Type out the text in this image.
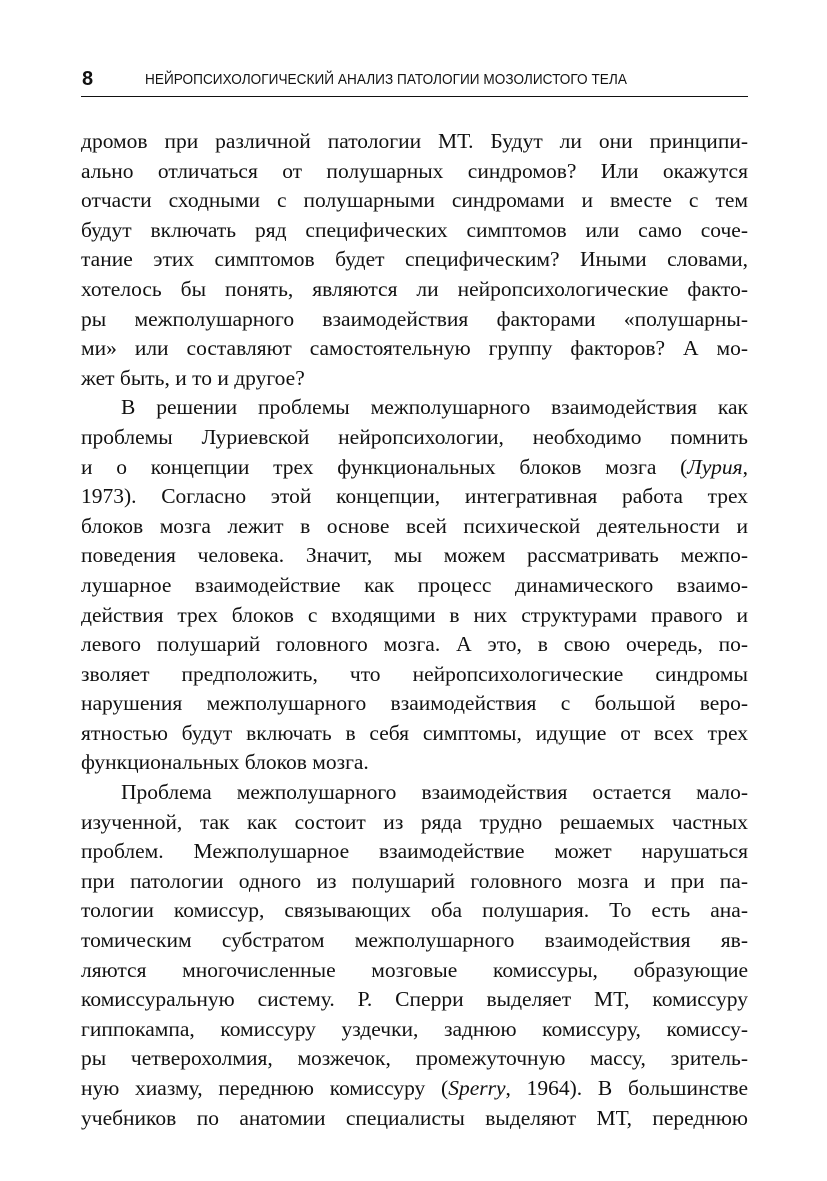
8	НЕЙРОПСИХОЛОГИЧЕСКИЙ АНАЛИЗ ПАТОЛОГИИ МОЗОЛИСТОГО ТЕЛА
дромов при различной патологии МТ. Будут ли они принципи-
ально отличаться от полушарных синдромов? Или окажутся
отчасти сходными с полушарными синдромами и вместе с тем
будут включать ряд специфических симптомов или само соче-
тание этих симптомов будет специфическим? Иными словами,
хотелось бы понять, являются ли нейропсихологические факто-
ры межполушарного взаимодействия факторами «полушарны-
ми» или составляют самостоятельную группу факторов? А мо-
жет быть, и то и другое?
В решении проблемы межполушарного взаимодействия как
проблемы Луриевской нейропсихологии, необходимо помнить
и о концепции трех функциональных блоков мозга (Лурия,
1973). Согласно этой концепции, интегративная работа трех
блоков мозга лежит в основе всей психической деятельности и
поведения человека. Значит, мы можем рассматривать межпо-
лушарное взаимодействие как процесс динамического взаимо-
действия трех блоков с входящими в них структурами правого и
левого полушарий головного мозга. А это, в свою очередь, по-
зволяет предположить, что нейропсихологические синдромы
нарушения межполушарного взаимодействия с большой веро-
ятностью будут включать в себя симптомы, идущие от всех трех
функциональных блоков мозга.
Проблема межполушарного взаимодействия остается мало-
изученной, так как состоит из ряда трудно решаемых частных
проблем. Межполушарное взаимодействие может нарушаться
при патологии одного из полушарий головного мозга и при па-
тологии комиссур, связывающих оба полушария. То есть ана-
томическим субстратом межполушарного взаимодействия яв-
ляются многочисленные мозговые комиссуры, образующие
комиссуральную систему. Р. Сперри выделяет МТ, комиссуру
гиппокампа, комиссуру уздечки, заднюю комиссуру, комиссу-
ры четверохолмия, мозжечок, промежуточную массу, зритель-
ную хиазму, переднюю комиссуру (Sperry, 1964). В большинстве
учебников по анатомии специалисты выделяют МТ, переднюю
